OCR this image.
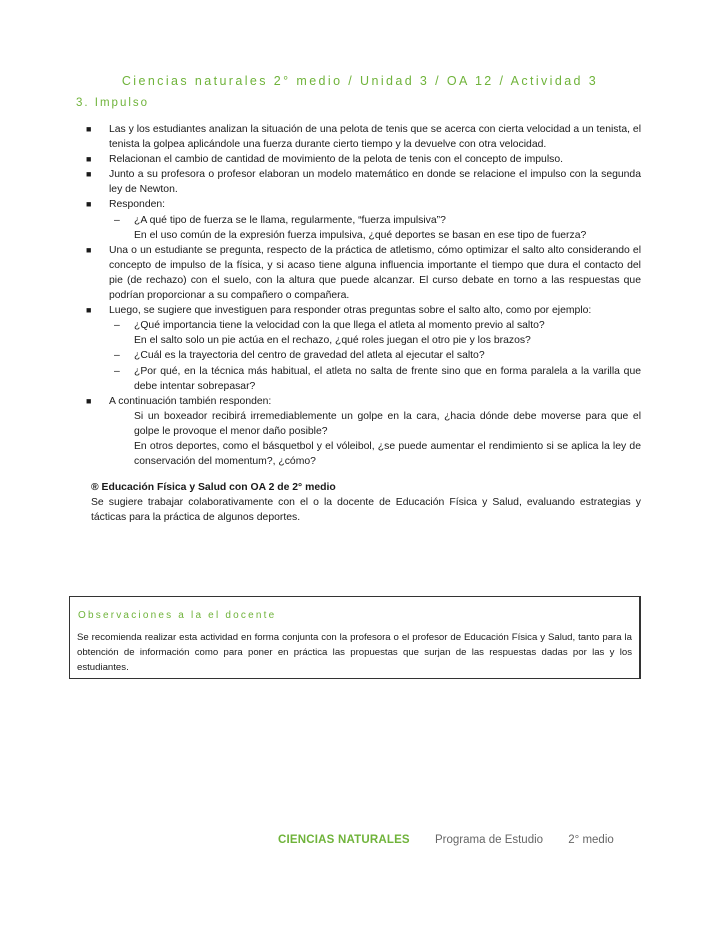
Ciencias naturales 2° medio / Unidad 3 / OA 12 / Actividad 3
3. Impulso
■ Las y los estudiantes analizan la situación de una pelota de tenis que se acerca con cierta velocidad a un tenista, el tenista la golpea aplicándole una fuerza durante cierto tiempo y la devuelve con otra velocidad.
■ Relacionan el cambio de cantidad de movimiento de la pelota de tenis con el concepto de impulso.
■ Junto a su profesora o profesor elaboran un modelo matemático en donde se relacione el impulso con la segunda ley de Newton.
■ Responden:
– ¿A qué tipo de fuerza se le llama, regularmente, “fuerza impulsiva”?
En el uso común de la expresión fuerza impulsiva, ¿qué deportes se basan en ese tipo de fuerza?
■ Una o un estudiante se pregunta, respecto de la práctica de atletismo, cómo optimizar el salto alto considerando el concepto de impulso de la física, y si acaso tiene alguna influencia importante el tiempo que dura el contacto del pie (de rechazo) con el suelo, con la altura que puede alcanzar. El curso debate en torno a las respuestas que podrían proporcionar a su compañero o compañera.
■ Luego, se sugiere que investiguen para responder otras preguntas sobre el salto alto, como por ejemplo:
– ¿Qué importancia tiene la velocidad con la que llega el atleta al momento previo al salto?
En el salto solo un pie actúa en el rechazo, ¿qué roles juegan el otro pie y los brazos?
– ¿Cuál es la trayectoria del centro de gravedad del atleta al ejecutar el salto?
– ¿Por qué, en la técnica más habitual, el atleta no salta de frente sino que en forma paralela a la varilla que debe intentar sobrepasar?
■ A continuación también responden:
Si un boxeador recibirá irremediablemente un golpe en la cara, ¿hacia dónde debe moverse para que el golpe le provoque el menor daño posible?
En otros deportes, como el básquetbol y el vóleibol, ¿se puede aumentar el rendimiento si se aplica la ley de conservación del momentum?, ¿cómo?
® Educación Física y Salud con OA 2 de 2° medio
Se sugiere trabajar colaborativamente con el o la docente de Educación Física y Salud, evaluando estrategias y tácticas para la práctica de algunos deportes.
Observaciones a la el docente
Se recomienda realizar esta actividad en forma conjunta con la profesora o el profesor de Educación Física y Salud, tanto para la obtención de información como para poner en práctica las propuestas que surjan de las respuestas dadas por las y los estudiantes.
CIENCIAS NATURALES Programa de Estudio 2° medio
